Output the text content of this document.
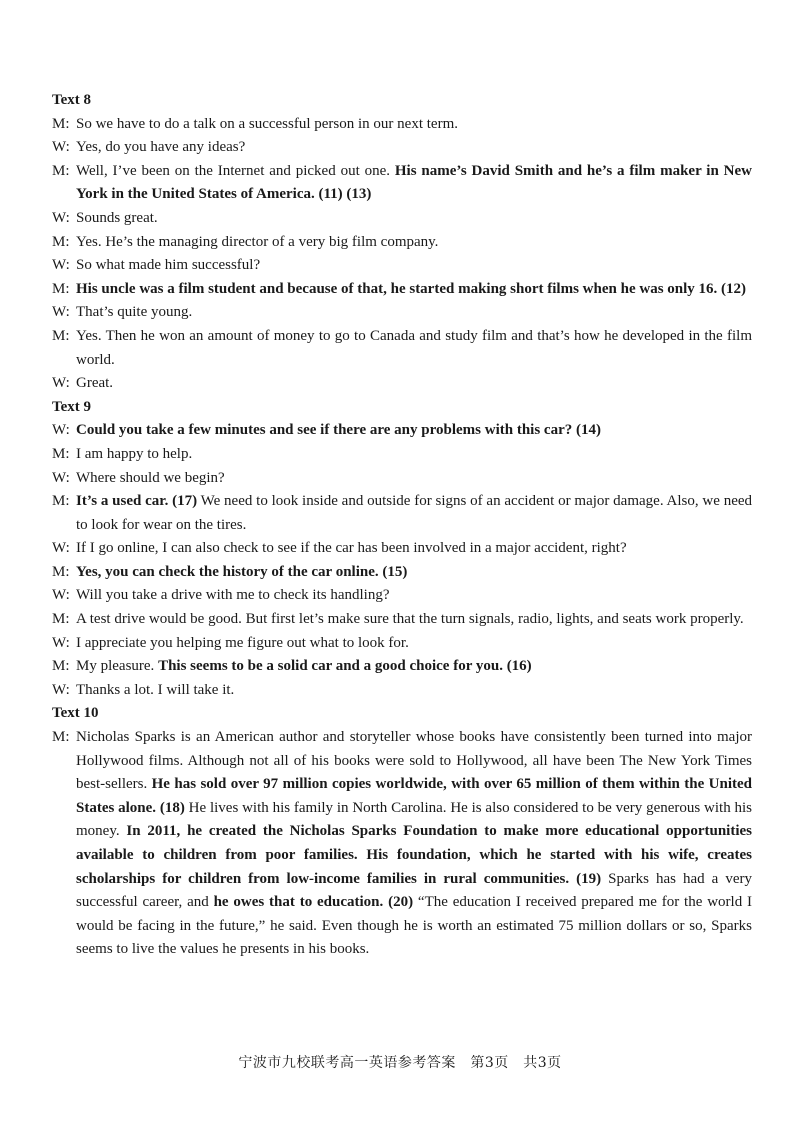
Text 8
M: So we have to do a talk on a successful person in our next term.
W: Yes, do you have any ideas?
M: Well, I’ve been on the Internet and picked out one. His name’s David Smith and he’s a film maker in New York in the United States of America. (11) (13)
W: Sounds great.
M: Yes. He’s the managing director of a very big film company.
W: So what made him successful?
M: His uncle was a film student and because of that, he started making short films when he was only 16. (12)
W: That’s quite young.
M: Yes. Then he won an amount of money to go to Canada and study film and that’s how he developed in the film world.
W: Great.
Text 9
W: Could you take a few minutes and see if there are any problems with this car? (14)
M: I am happy to help.
W: Where should we begin?
M: It’s a used car. (17) We need to look inside and outside for signs of an accident or major damage. Also, we need to look for wear on the tires.
W: If I go online, I can also check to see if the car has been involved in a major accident, right?
M: Yes, you can check the history of the car online. (15)
W: Will you take a drive with me to check its handling?
M: A test drive would be good. But first let’s make sure that the turn signals, radio, lights, and seats work properly.
W: I appreciate you helping me figure out what to look for.
M: My pleasure. This seems to be a solid car and a good choice for you. (16)
W: Thanks a lot. I will take it.
Text 10
M: Nicholas Sparks is an American author and storyteller whose books have consistently been turned into major Hollywood films. Although not all of his books were sold to Hollywood, all have been The New York Times best-sellers. He has sold over 97 million copies worldwide, with over 65 million of them within the United States alone. (18) He lives with his family in North Carolina. He is also considered to be very generous with his money. In 2011, he created the Nicholas Sparks Foundation to make more educational opportunities available to children from poor families. His foundation, which he started with his wife, creates scholarships for children from low-income families in rural communities. (19) Sparks has had a very successful career, and he owes that to education. (20) “The education I received prepared me for the world I would be facing in the future,” he said. Even though he is worth an estimated 75 million dollars or so, Sparks seems to live the values he presents in his books.
宁波市九校联考高一英语参考答案　第3页　共3页
